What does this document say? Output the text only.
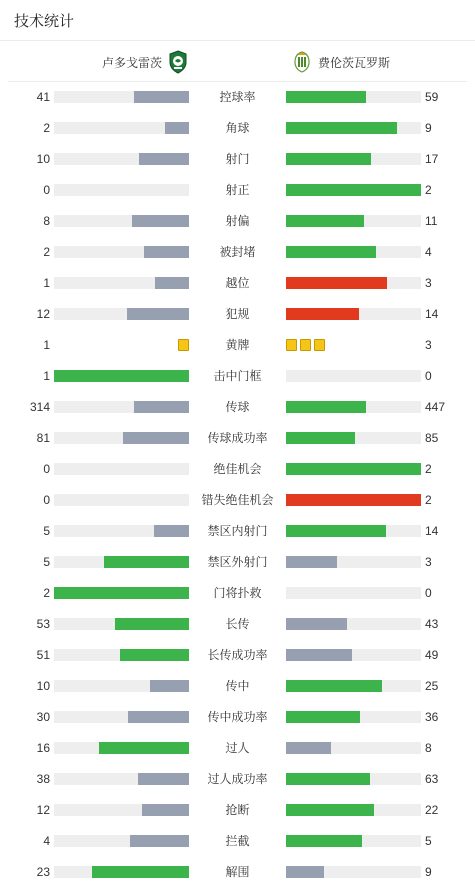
技术统计
卢多戈雷茨	费伦茨瓦罗斯
41	控球率	59
2	角球	9
10	射门	17
0	射正	2
8	射偏	11
2	被封堵	4
1	越位	3
12	犯规	14
1	黄牌	3
1	击中门框	0
314	传球	447
81	传球成功率	85
0	绝佳机会	2
0	错失绝佳机会	2
5	禁区内射门	14
5	禁区外射门	3
2	门将扑救	0
53	长传	43
51	长传成功率	49
10	传中	25
30	传中成功率	36
16	过人	8
38	过人成功率	63
12	抢断	22
4	拦截	5
23	解围	9
